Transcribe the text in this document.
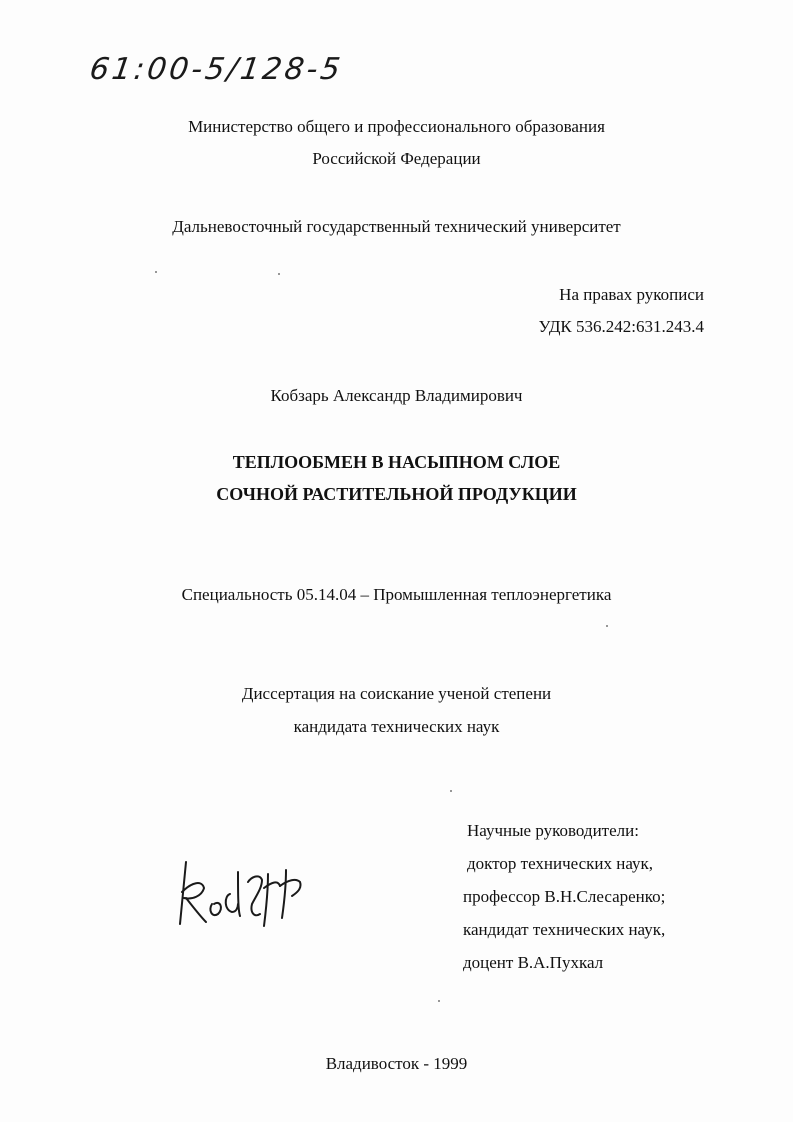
61:00-5/128-5
Министерство общего и профессионального образования
Российской Федерации
Дальневосточный государственный технический университет
На правах рукописи
УДК 536.242:631.243.4
Кобзарь Александр Владимирович
ТЕПЛООБМЕН В НАСЫПНОМ СЛОЕ
СОЧНОЙ РАСТИТЕЛЬНОЙ ПРОДУКЦИИ
Специальность 05.14.04 – Промышленная теплоэнергетика
Диссертация на соискание ученой степени
кандидата технических наук
Научные руководители:
доктор технических наук,
профессор В.Н.Слесаренко;
кандидат технических наук,
доцент В.А.Пухкал
Владивосток - 1999
